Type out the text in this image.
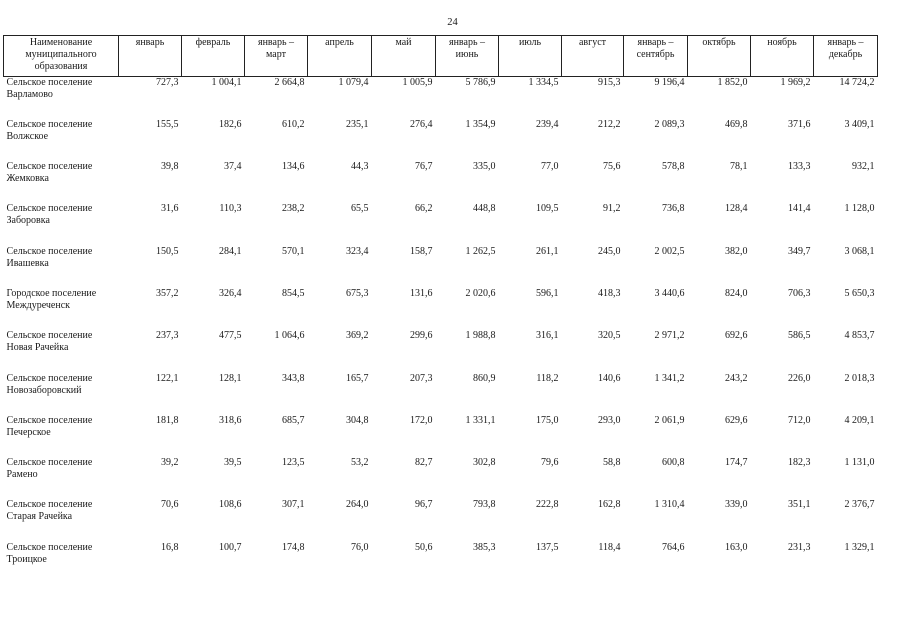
24
Наименование муниципального образования	январь	февраль	январь – март	апрель	май	январь – июнь	июль	август	январь – сентябрь	октябрь	ноябрь	январь – декабрь
Сельское поселение Варламово	727,3	1 004,1	2 664,8	1 079,4	1 005,9	5 786,9	1 334,5	915,3	9 196,4	1 852,0	1 969,2	14 724,2
Сельское поселение Волжское	155,5	182,6	610,2	235,1	276,4	1 354,9	239,4	212,2	2 089,3	469,8	371,6	3 409,1
Сельское поселение Жемковка	39,8	37,4	134,6	44,3	76,7	335,0	77,0	75,6	578,8	78,1	133,3	932,1
Сельское поселение Заборовка	31,6	110,3	238,2	65,5	66,2	448,8	109,5	91,2	736,8	128,4	141,4	1 128,0
Сельское поселение Ивашевка	150,5	284,1	570,1	323,4	158,7	1 262,5	261,1	245,0	2 002,5	382,0	349,7	3 068,1
Городское поселение Междуреченск	357,2	326,4	854,5	675,3	131,6	2 020,6	596,1	418,3	3 440,6	824,0	706,3	5 650,3
Сельское поселение Новая Рачейка	237,3	477,5	1 064,6	369,2	299,6	1 988,8	316,1	320,5	2 971,2	692,6	586,5	4 853,7
Сельское поселение Новозаборовский	122,1	128,1	343,8	165,7	207,3	860,9	118,2	140,6	1 341,2	243,2	226,0	2 018,3
Сельское поселение Печерское	181,8	318,6	685,7	304,8	172,0	1 331,1	175,0	293,0	2 061,9	629,6	712,0	4 209,1
Сельское поселение Рамено	39,2	39,5	123,5	53,2	82,7	302,8	79,6	58,8	600,8	174,7	182,3	1 131,0
Сельское поселение Старая Рачейка	70,6	108,6	307,1	264,0	96,7	793,8	222,8	162,8	1 310,4	339,0	351,1	2 376,7
Сельское поселение Троицкое	16,8	100,7	174,8	76,0	50,6	385,3	137,5	118,4	764,6	163,0	231,3	1 329,1
